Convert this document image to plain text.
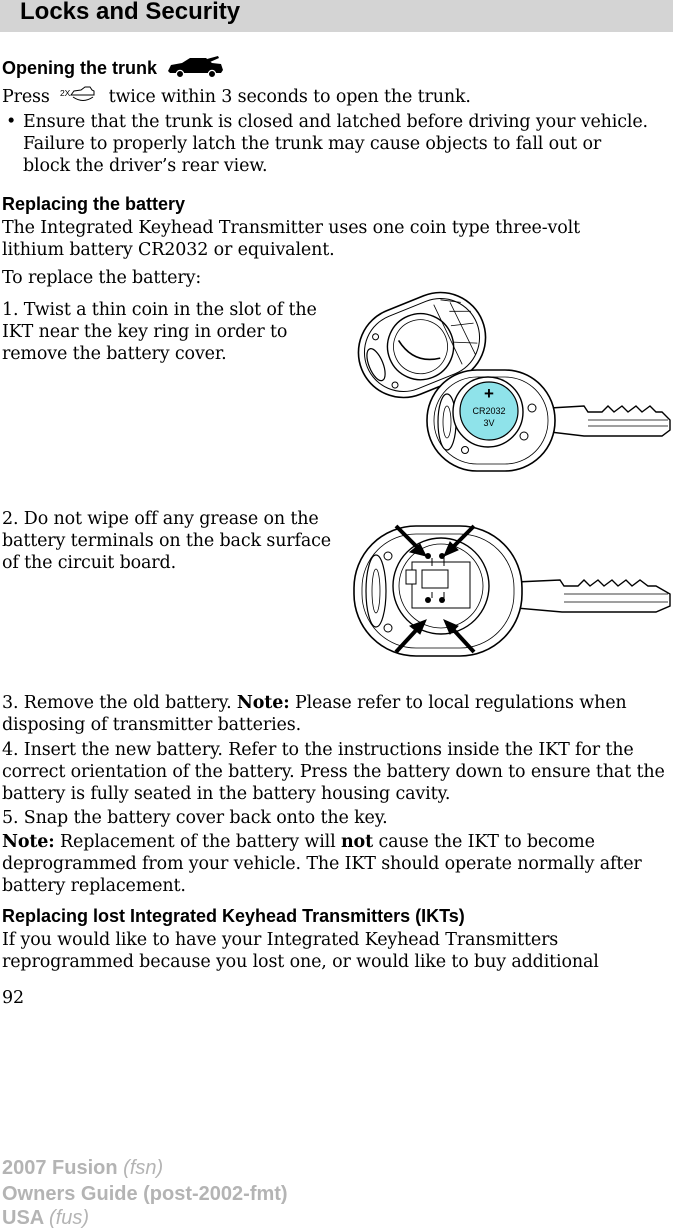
Locks and Security
Opening the trunk
Press 2X twice within 3 seconds to open the trunk.
• Ensure that the trunk is closed and latched before driving your vehicle. Failure to properly latch the trunk may cause objects to fall out or block the driver’s rear view.
Replacing the battery
The Integrated Keyhead Transmitter uses one coin type three-volt lithium battery CR2032 or equivalent.
To replace the battery:
1. Twist a thin coin in the slot of the IKT near the key ring in order to remove the battery cover.
+
CR2032
3V
2. Do not wipe off any grease on the battery terminals on the back surface of the circuit board.
3. Remove the old battery. Note: Please refer to local regulations when disposing of transmitter batteries.
4. Insert the new battery. Refer to the instructions inside the IKT for the correct orientation of the battery. Press the battery down to ensure that the battery is fully seated in the battery housing cavity.
5. Snap the battery cover back onto the key.
Note: Replacement of the battery will not cause the IKT to become deprogrammed from your vehicle. The IKT should operate normally after battery replacement.
Replacing lost Integrated Keyhead Transmitters (IKTs)
If you would like to have your Integrated Keyhead Transmitters reprogrammed because you lost one, or would like to buy additional
92
2007 Fusion (fsn)
Owners Guide (post-2002-fmt)
USA (fus)
